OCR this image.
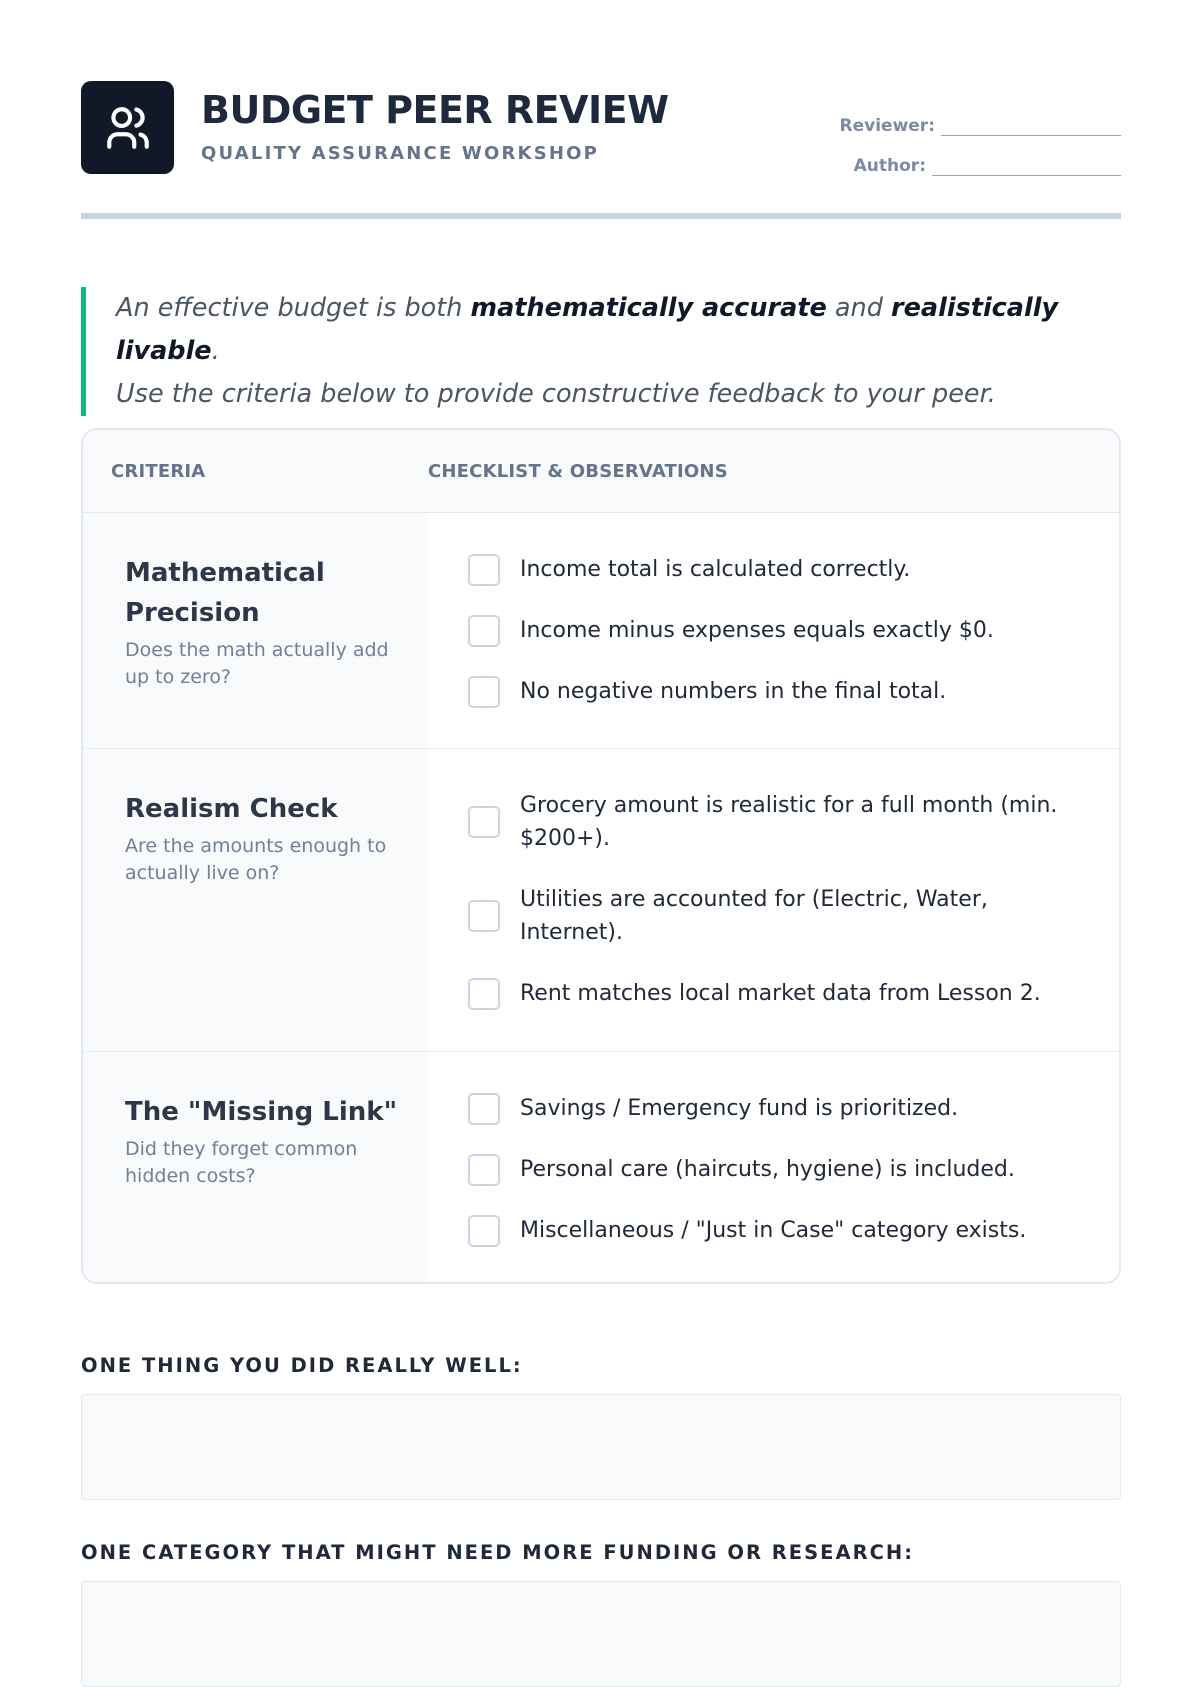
BUDGET PEER REVIEW
QUALITY ASSURANCE WORKSHOP
Reviewer:
Author:
An effective budget is both mathematically accurate and realistically livable.
Use the criteria below to provide constructive feedback to your peer.
CRITERIA	CHECKLIST & OBSERVATIONS
Mathematical Precision
Does the math actually add up to zero?
Income total is calculated correctly.
Income minus expenses equals exactly $0.
No negative numbers in the final total.
Realism Check
Are the amounts enough to actually live on?
Grocery amount is realistic for a full month (min. $200+).
Utilities are accounted for (Electric, Water, Internet).
Rent matches local market data from Lesson 2.
The "Missing Link"
Did they forget common hidden costs?
Savings / Emergency fund is prioritized.
Personal care (haircuts, hygiene) is included.
Miscellaneous / "Just in Case" category exists.
ONE THING YOU DID REALLY WELL:
ONE CATEGORY THAT MIGHT NEED MORE FUNDING OR RESEARCH:
